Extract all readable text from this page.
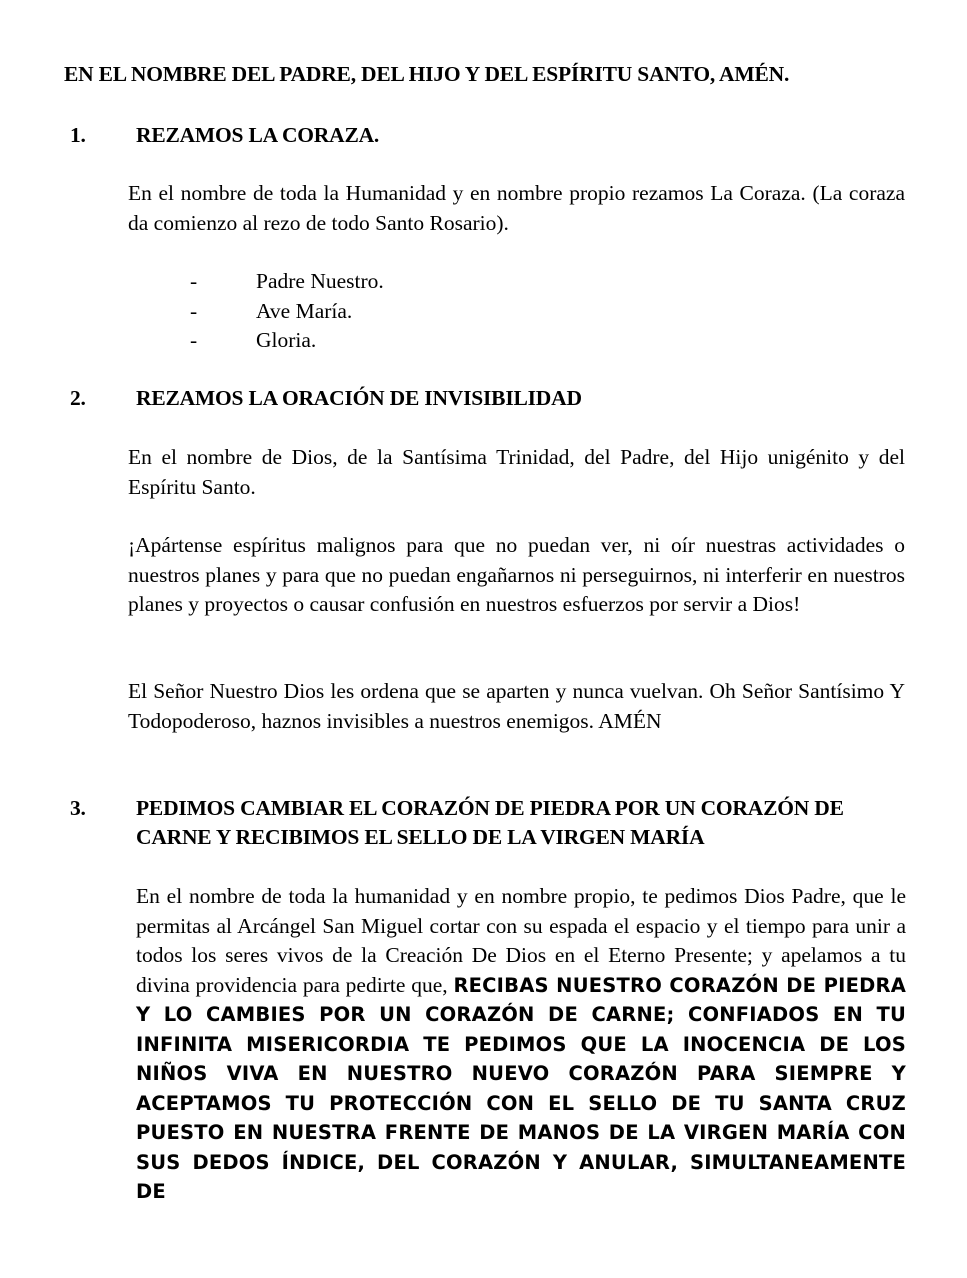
EN EL NOMBRE DEL PADRE, DEL HIJO Y DEL ESPÍRITU SANTO, AMÉN.
1. REZAMOS LA CORAZA.
En el nombre de toda la Humanidad y en nombre propio rezamos La Coraza. (La coraza da comienzo al rezo de todo Santo Rosario).
-	Padre Nuestro.
-	Ave María.
-	Gloria.
2. REZAMOS LA ORACIÓN DE INVISIBILIDAD
En el nombre de Dios, de la Santísima Trinidad, del Padre, del Hijo unigénito y del Espíritu Santo.
¡Apártense espíritus malignos para que no puedan ver, ni oír nuestras actividades o nuestros planes y para que no puedan engañarnos ni perseguirnos, ni interferir en nuestros planes y proyectos o causar confusión en nuestros esfuerzos por servir a Dios!
El Señor Nuestro Dios les ordena que se aparten y nunca vuelvan. Oh Señor Santísimo Y Todopoderoso, haznos invisibles a nuestros enemigos. AMÉN
3. PEDIMOS CAMBIAR EL CORAZÓN DE PIEDRA POR UN CORAZÓN DE CARNE Y RECIBIMOS EL SELLO DE LA VIRGEN MARÍA
En el nombre de toda la humanidad y en nombre propio, te pedimos Dios Padre, que le permitas al Arcángel San Miguel cortar con su espada el espacio y el tiempo para unir a todos los seres vivos de la Creación De Dios en el Eterno Presente; y apelamos a tu divina providencia para pedirte que, RECIBAS NUESTRO CORAZÓN DE PIEDRA Y LO CAMBIES POR UN CORAZÓN DE CARNE; CONFIADOS EN TU INFINITA MISERICORDIA TE PEDIMOS QUE LA INOCENCIA DE LOS NIÑOS VIVA EN NUESTRO NUEVO CORAZÓN PARA SIEMPRE Y ACEPTAMOS TU PROTECCIÓN CON EL SELLO DE TU SANTA CRUZ PUESTO EN NUESTRA FRENTE DE MANOS DE LA VIRGEN MARÍA CON SUS DEDOS ÍNDICE, DEL CORAZÓN Y ANULAR, SIMULTANEAMENTE DE
